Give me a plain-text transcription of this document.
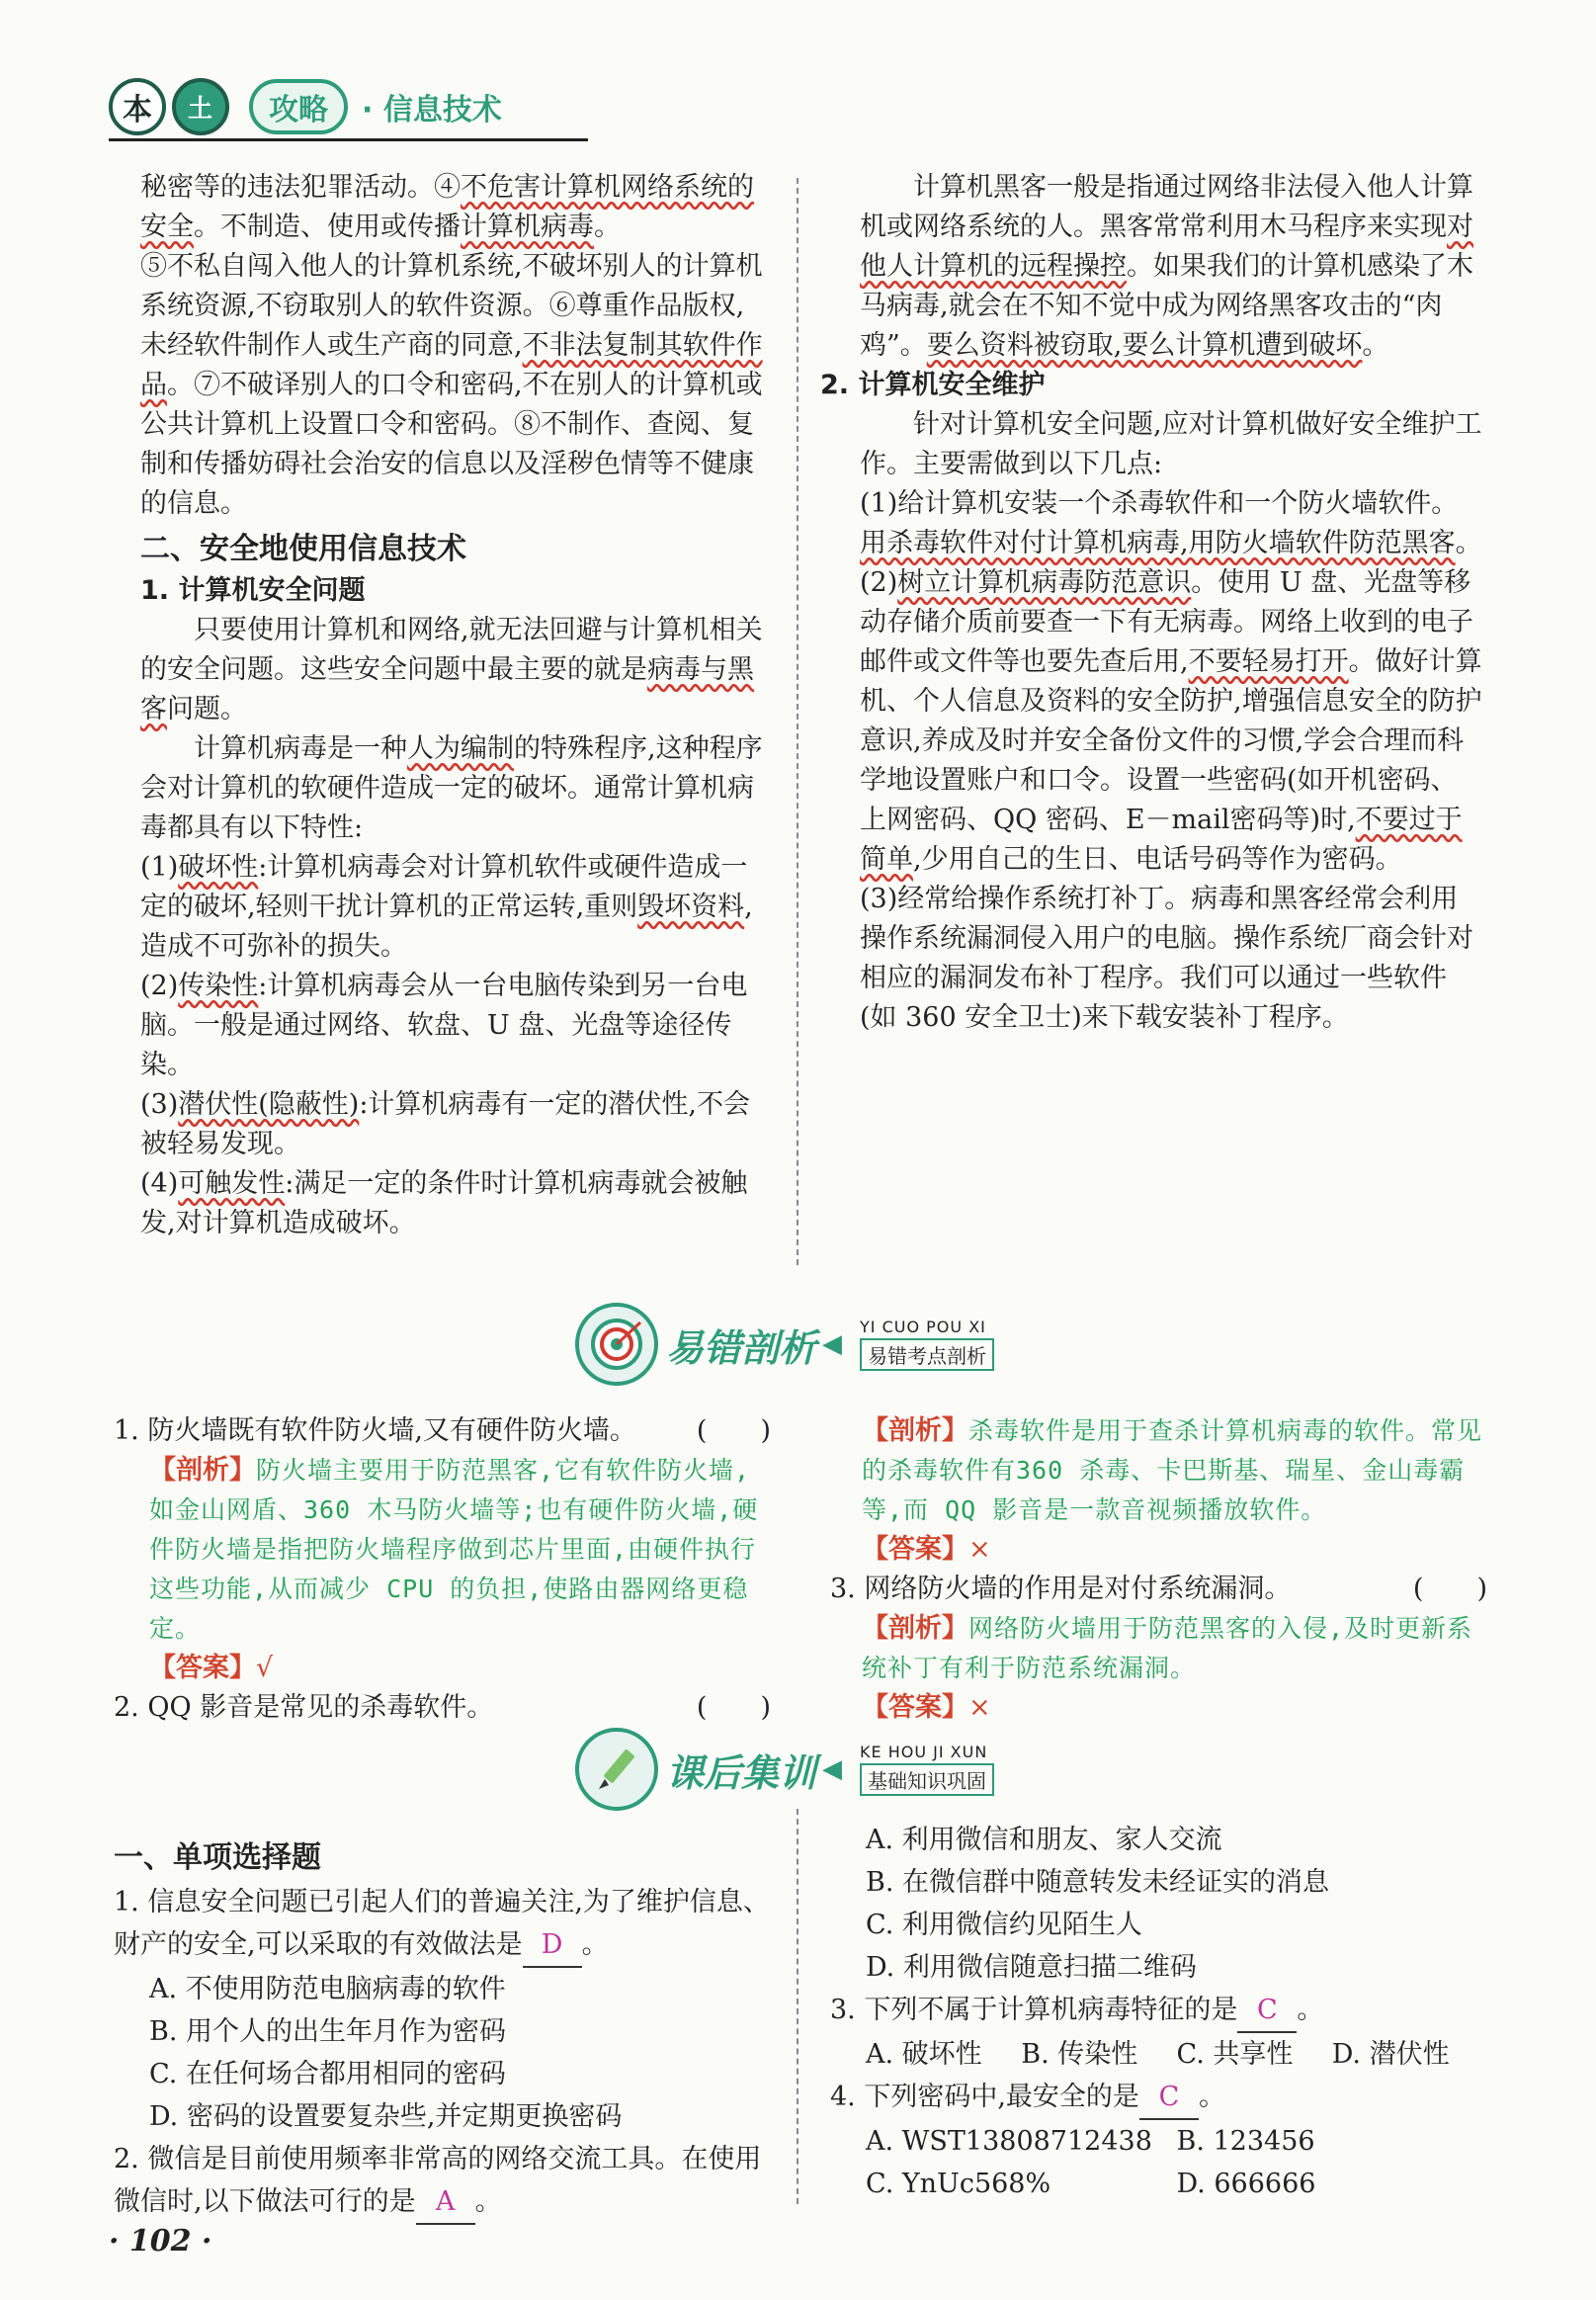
本	土	攻略	· 信息技术

秘密等的违法犯罪活动。④不危害计算机网络系统的安全。不制造、使用或传播计算机病毒。

⑤不私自闯入他人的计算机系统,不破坏别人的计算机系统资源,不窃取别人的软件资源。⑥尊重作品版权,未经软件制作人或生产商的同意,不非法复制其软件作品。⑦不破译别人的口令和密码,不在别人的计算机或公共计算机上设置口令和密码。⑧不制作、查阅、复制和传播妨碍社会治安的信息以及淫秽色情等不健康的信息。

二、安全地使用信息技术
1. 计算机安全问题

只要使用计算机和网络,就无法回避与计算机相关的安全问题。这些安全问题中最主要的就是病毒与黑客问题。

计算机病毒是一种人为编制的特殊程序,这种程序会对计算机的软硬件造成一定的破坏。通常计算机病毒都具有以下特性:

(1)破坏性:计算机病毒会对计算机软件或硬件造成一定的破坏,轻则干扰计算机的正常运转,重则毁坏资料,造成不可弥补的损失。

(2)传染性:计算机病毒会从一台电脑传染到另一台电脑。一般是通过网络、软盘、U 盘、光盘等途径传染。

(3)潜伏性(隐蔽性):计算机病毒有一定的潜伏性,不会被轻易发现。

(4)可触发性:满足一定的条件时计算机病毒就会被触发,对计算机造成破坏。

计算机黑客一般是指通过网络非法侵入他人计算机或网络系统的人。黑客常常利用木马程序来实现对他人计算机的远程操控。如果我们的计算机感染了木马病毒,就会在不知不觉中成为网络黑客攻击的“肉鸡”。要么资料被窃取,要么计算机遭到破坏。

2. 计算机安全维护

针对计算机安全问题,应对计算机做好安全维护工作。主要需做到以下几点:

(1)给计算机安装一个杀毒软件和一个防火墙软件。用杀毒软件对付计算机病毒,用防火墙软件防范黑客。

(2)树立计算机病毒防范意识。使用 U 盘、光盘等移动存储介质前要查一下有无病毒。网络上收到的电子邮件或文件等也要先查后用,不要轻易打开。做好计算机、个人信息及资料的安全防护,增强信息安全的防护意识,养成及时并安全备份文件的习惯,学会合理而科学地设置账户和口令。设置一些密码(如开机密码、上网密码、QQ 密码、E－mail密码等)时,不要过于简单,少用自己的生日、电话号码等作为密码。

(3)经常给操作系统打补丁。病毒和黑客经常会利用操作系统漏洞侵入用户的电脑。操作系统厂商会针对相应的漏洞发布补丁程序。我们可以通过一些软件(如 360 安全卫士)来下载安装补丁程序。

易错剖析 ◀
YI CUO POU XI
易错考点剖析

1. 防火墙既有软件防火墙,又有硬件防火墙。 (　　)

【剖析】防火墙主要用于防范黑客,它有软件防火墙,如金山网盾、360 木马防火墙等;也有硬件防火墙,硬件防火墙是指把防火墙程序做到芯片里面,由硬件执行这些功能,从而减少 CPU 的负担,使路由器网络更稳定。

【答案】√

2. QQ 影音是常见的杀毒软件。	(　　)

【剖析】杀毒软件是用于查杀计算机病毒的软件。常见的杀毒软件有360 杀毒、卡巴斯基、瑞星、金山毒霸等,而 QQ 影音是一款音视频播放软件。

【答案】×

3. 网络防火墙的作用是对付系统漏洞。	(　　)

【剖析】网络防火墙用于防范黑客的入侵,及时更新系统补丁有利于防范系统漏洞。

【答案】×

课后集训 ◀
KE HOU JI XUN
基础知识巩固
一、单项选择题

1. 信息安全问题已引起人们的普遍关注,为了维护信息、财产的安全,可以采取的有效做法是 D 。

A. 不使用防范电脑病毒的软件

B. 用个人的出生年月作为密码

C. 在任何场合都用相同的密码

D. 密码的设置要复杂些,并定期更换密码

2. 微信是目前使用频率非常高的网络交流工具。在使用微信时,以下做法可行的是 A 。

A. 利用微信和朋友、家人交流

B. 在微信群中随意转发未经证实的消息

C. 利用微信约见陌生人

D. 利用微信随意扫描二维码

3. 下列不属于计算机病毒特征的是 C 。

A. 破坏性	B. 传染性	C. 共享性	D. 潜伏性

4. 下列密码中,最安全的是 C 。

A. WST13808712438 B. 123456
C. YnUc568%	D. 666666
· 102 ·
